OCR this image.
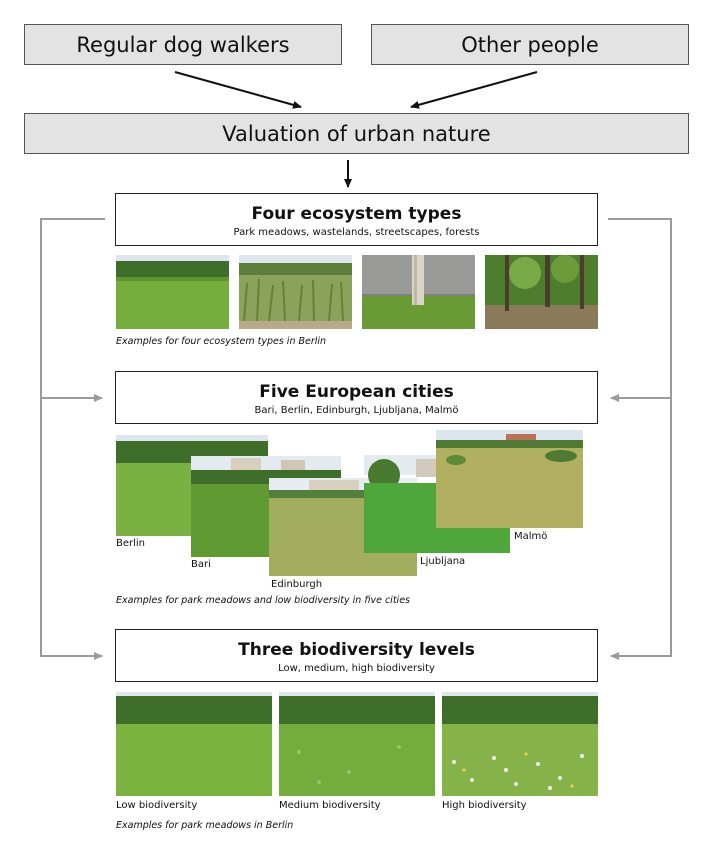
Regular dog walkers	Other people
Valuation of urban nature
Four ecosystem types
Park meadows, wastelands, streetscapes, forests
Five European cities
Bari, Berlin, Edinburgh, Ljubljana, Malmö
Three biodiversity levels
Low, medium, high biodiversity
Examples for four ecosystem types in Berlin
Berlin
Bari
Edinburgh
Ljubljana
Malmö
Examples for park meadows and low biodiversity in five cities
Low biodiversity	Medium biodiversity	High biodiversity
Examples for park meadows in Berlin
